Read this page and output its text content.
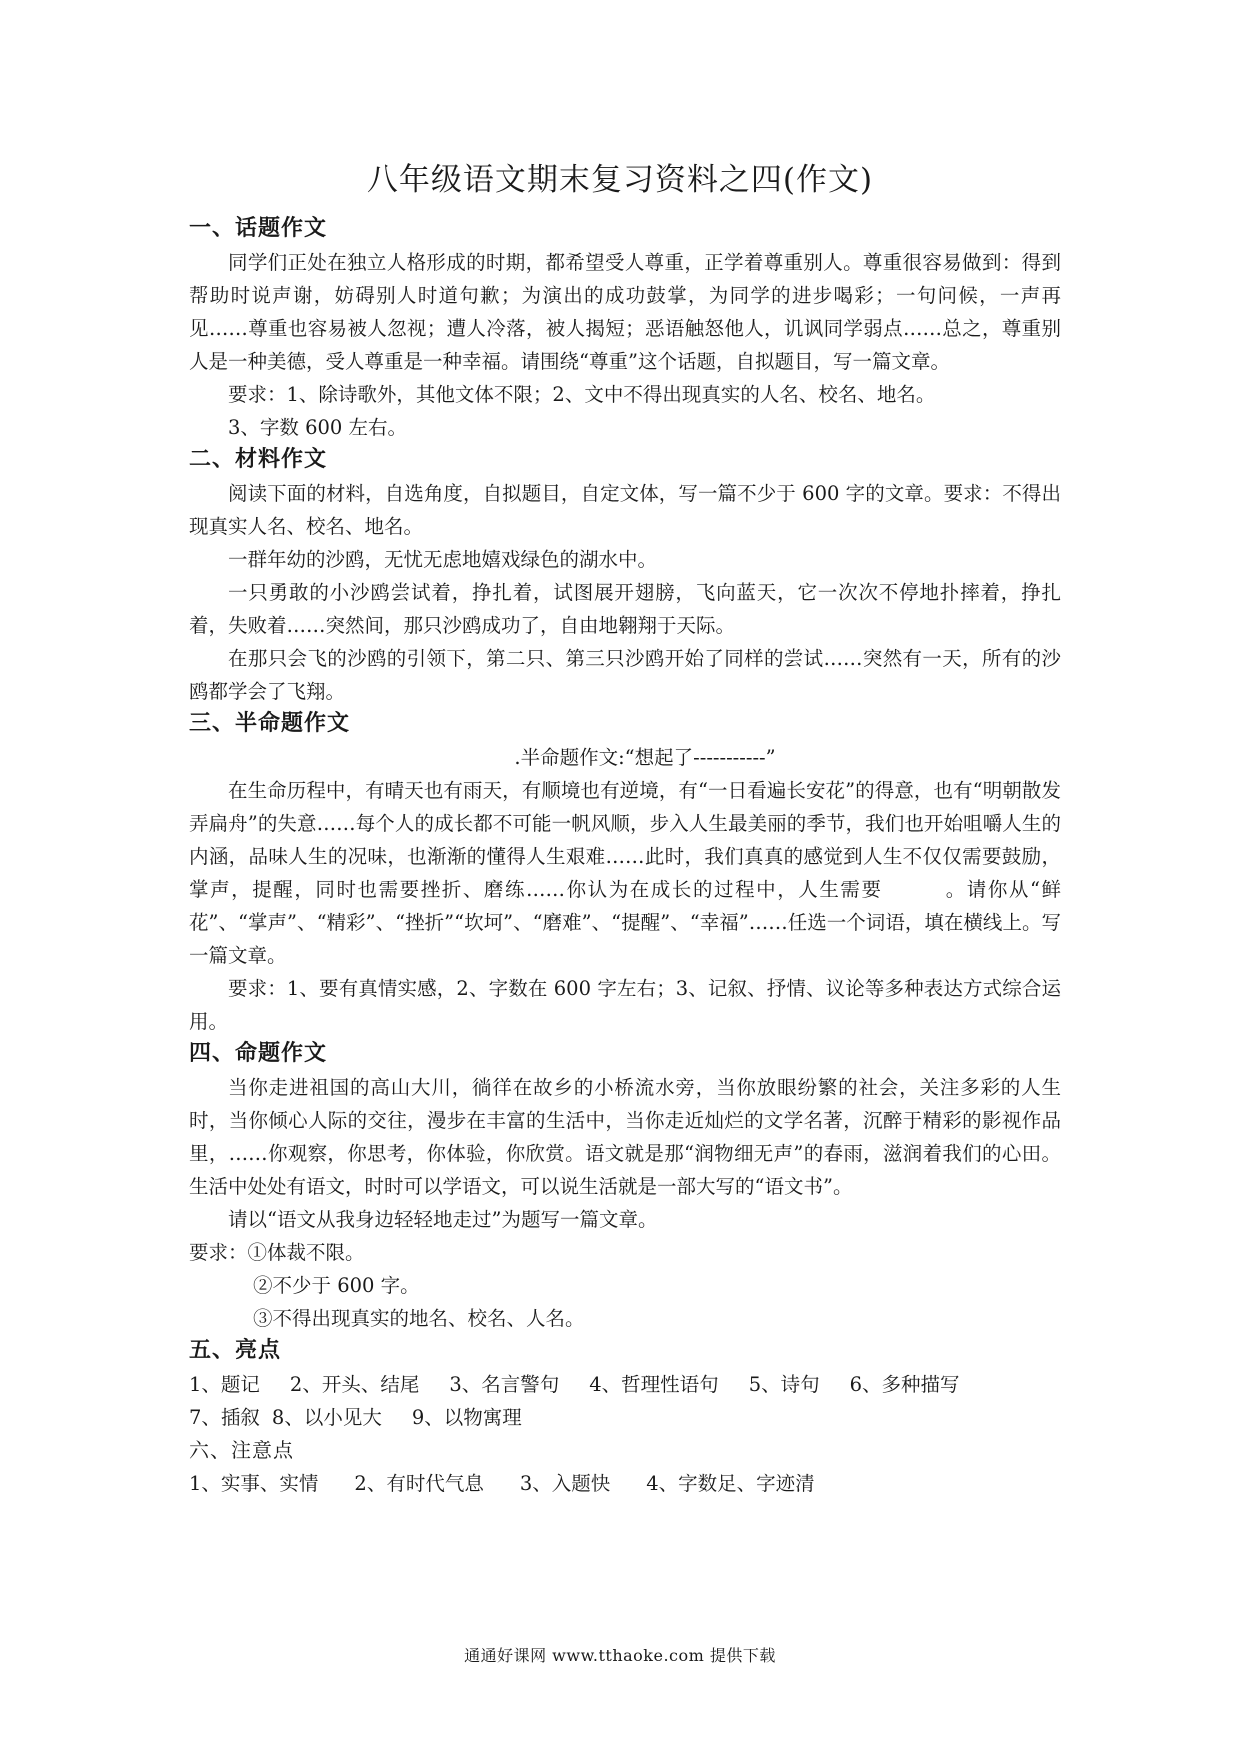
八年级语文期末复习资料之四(作文)
一、话题作文
同学们正处在独立人格形成的时期，都希望受人尊重，正学着尊重别人。尊重很容易做到：得到帮助时说声谢，妨碍别人时道句歉；为演出的成功鼓掌，为同学的进步喝彩；一句问候，一声再见……尊重也容易被人忽视；遭人冷落，被人揭短；恶语触怒他人，讥讽同学弱点……总之，尊重别人是一种美德，受人尊重是一种幸福。请围绕“尊重”这个话题，自拟题目，写一篇文章。
要求：1、除诗歌外，其他文体不限；2、文中不得出现真实的人名、校名、地名。
3、字数 600 左右。
二、材料作文
阅读下面的材料，自选角度，自拟题目，自定文体，写一篇不少于 600 字的文章。要求：不得出现真实人名、校名、地名。
一群年幼的沙鸥，无忧无虑地嬉戏绿色的湖水中。
一只勇敢的小沙鸥尝试着，挣扎着，试图展开翅膀，飞向蓝天，它一次次不停地扑摔着，挣扎着，失败着……突然间，那只沙鸥成功了，自由地翱翔于天际。
在那只会飞的沙鸥的引领下，第二只、第三只沙鸥开始了同样的尝试……突然有一天，所有的沙鸥都学会了飞翔。
三、半命题作文
.半命题作文:“想起了-----------”
在生命历程中，有晴天也有雨天，有顺境也有逆境，有“一日看遍长安花”的得意，也有“明朝散发弄扁舟”的失意……每个人的成长都不可能一帆风顺，步入人生最美丽的季节，我们也开始咀嚼人生的内涵，品味人生的况味，也渐渐的懂得人生艰难……此时，我们真真的感觉到人生不仅仅需要鼓励，掌声，提醒，同时也需要挫折、磨练……你认为在成长的过程中，人生需要　　　。请你从“鲜花”、“掌声”、“精彩”、“挫折”“坎坷”、“磨难”、“提醒”、“幸福”……任选一个词语，填在横线上。写一篇文章。
要求：1、要有真情实感，2、字数在 600 字左右；3、记叙、抒情、议论等多种表达方式综合运用。
四、命题作文
当你走进祖国的高山大川，徜徉在故乡的小桥流水旁，当你放眼纷繁的社会，关注多彩的人生时，当你倾心人际的交往，漫步在丰富的生活中，当你走近灿烂的文学名著，沉醉于精彩的影视作品里，……你观察，你思考，你体验，你欣赏。语文就是那“润物细无声”的春雨，滋润着我们的心田。生活中处处有语文，时时可以学语文，可以说生活就是一部大写的“语文书”。
请以“语文从我身边轻轻地走过”为题写一篇文章。
要求：①体裁不限。
②不少于 600 字。
③不得出现真实的地名、校名、人名。
五、亮点
1、题记 2、开头、结尾 3、名言警句 4、哲理性语句 5、诗句 6、多种描写
7、插叙 8、以小见大 9、以物寓理
六、注意点
1、实事、实情 2、有时代气息 3、入题快 4、字数足、字迹清
通通好课网 www.tthaoke.com 提供下载
